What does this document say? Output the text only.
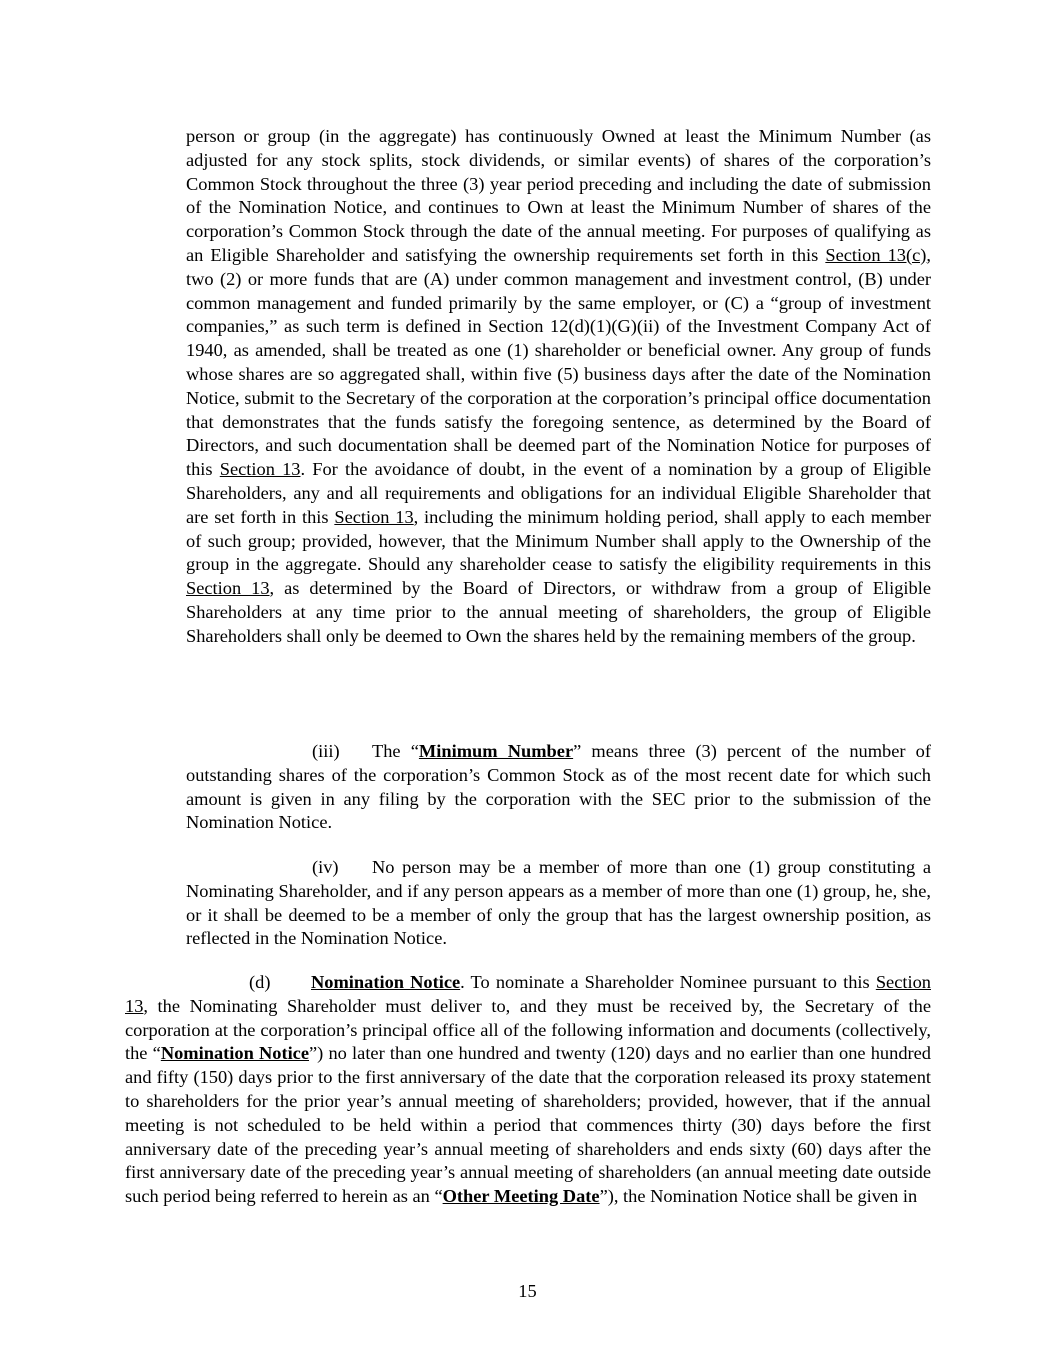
person or group (in the aggregate) has continuously Owned at least the Minimum Number (as adjusted for any stock splits, stock dividends, or similar events) of shares of the corporation’s Common Stock throughout the three (3) year period preceding and including the date of submission of the Nomination Notice, and continues to Own at least the Minimum Number of shares of the corporation’s Common Stock through the date of the annual meeting. For purposes of qualifying as an Eligible Shareholder and satisfying the ownership requirements set forth in this Section 13(c), two (2) or more funds that are (A) under common management and investment control, (B) under common management and funded primarily by the same employer, or (C) a “group of investment companies,” as such term is defined in Section 12(d)(1)(G)(ii) of the Investment Company Act of 1940, as amended, shall be treated as one (1) shareholder or beneficial owner. Any group of funds whose shares are so aggregated shall, within five (5) business days after the date of the Nomination Notice, submit to the Secretary of the corporation at the corporation’s principal office documentation that demonstrates that the funds satisfy the foregoing sentence, as determined by the Board of Directors, and such documentation shall be deemed part of the Nomination Notice for purposes of this Section 13. For the avoidance of doubt, in the event of a nomination by a group of Eligible Shareholders, any and all requirements and obligations for an individual Eligible Shareholder that are set forth in this Section 13, including the minimum holding period, shall apply to each member of such group; provided, however, that the Minimum Number shall apply to the Ownership of the group in the aggregate. Should any shareholder cease to satisfy the eligibility requirements in this Section 13, as determined by the Board of Directors, or withdraw from a group of Eligible Shareholders at any time prior to the annual meeting of shareholders, the group of Eligible Shareholders shall only be deemed to Own the shares held by the remaining members of the group.
(iii) The “Minimum Number” means three (3) percent of the number of outstanding shares of the corporation’s Common Stock as of the most recent date for which such amount is given in any filing by the corporation with the SEC prior to the submission of the Nomination Notice.
(iv) No person may be a member of more than one (1) group constituting a Nominating Shareholder, and if any person appears as a member of more than one (1) group, he, she, or it shall be deemed to be a member of only the group that has the largest ownership position, as reflected in the Nomination Notice.
(d) Nomination Notice. To nominate a Shareholder Nominee pursuant to this Section 13, the Nominating Shareholder must deliver to, and they must be received by, the Secretary of the corporation at the corporation’s principal office all of the following information and documents (collectively, the “Nomination Notice”) no later than one hundred and twenty (120) days and no earlier than one hundred and fifty (150) days prior to the first anniversary of the date that the corporation released its proxy statement to shareholders for the prior year’s annual meeting of shareholders; provided, however, that if the annual meeting is not scheduled to be held within a period that commences thirty (30) days before the first anniversary date of the preceding year’s annual meeting of shareholders and ends sixty (60) days after the first anniversary date of the preceding year’s annual meeting of shareholders (an annual meeting date outside such period being referred to herein as an “Other Meeting Date”), the Nomination Notice shall be given in
15
